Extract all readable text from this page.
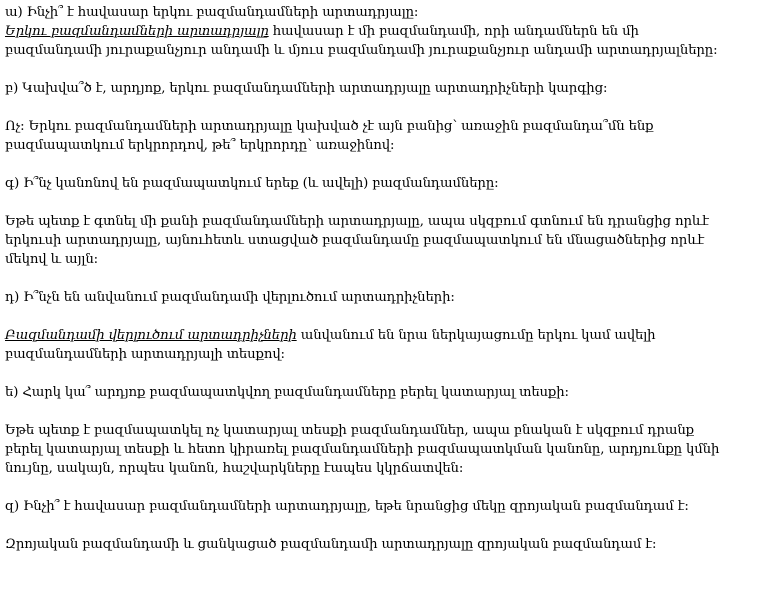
ա) Ինչի՞ է հավասար երկու բազմանդամների արտադրյալը:
Երկու բազմանդամների արտադրյալը հավասար է մի բազմանդամի, որի անդամներն են մի
բազմանդամի յուրաքանչյուր անդամի և մյուս բազմանդամի յուրաքանչյուր անդամի արտադրյալները:
բ) Կախվա՞ծ է, արդյոք, երկու բազմանդամների արտադրյալը արտադրիչների կարգից:
Ոչ: Երկու բազմանդամների արտադրյալը կախված չէ այն բանից՝ առաջին բազմանդա՞մն ենք
բազմապատկում երկրորդով, թե՞ երկրորդը՝ առաջինով:
գ) Ի՞նչ կանոնով են բազմապատկում երեք (և ավելի) բազմանդամները:
Եթե պետք է գտնել մի քանի բազմանդամների արտադրյալը, ապա սկզբում գտնում են դրանցից որևէ
երկուսի արտադրյալը, այնուհետև ստացված բազմանդամը բազմապատկում են մնացածներից որևէ
մեկով և այլն:
դ) Ի՞նչն են անվանում բազմանդամի վերլուծում արտադրիչների:
Բազմանդամի վերլուծում արտադրիչների անվանում են նրա ներկայացումը երկու կամ ավելի
բազմանդամների արտադրյալի տեսքով:
ե) Հարկ կա՞ արդյոք բազմապատկվող բազմանդամները բերել կատարյալ տեսքի:
Եթե պետք է բազմապատկել ոչ կատարյալ տեսքի բազմանդամներ, ապա բնական է սկզբում դրանք
բերել կատարյալ տեսքի և հետո կիրառել բազմանդամների բազմապատկման կանոնը, արդյունքը կմնի
նույնը, սակայն, որպես կանոն, հաշվարկները էապես կկրճատվեն:
զ) Ինչի՞ է հավասար բազմանդամների արտադրյալը, եթե նրանցից մեկը զրոյական բազմանդամ է:
Զրոյական բազմանդամի և ցանկացած բազմանդամի արտադրյալը զրոյական բազմանդամ է:
